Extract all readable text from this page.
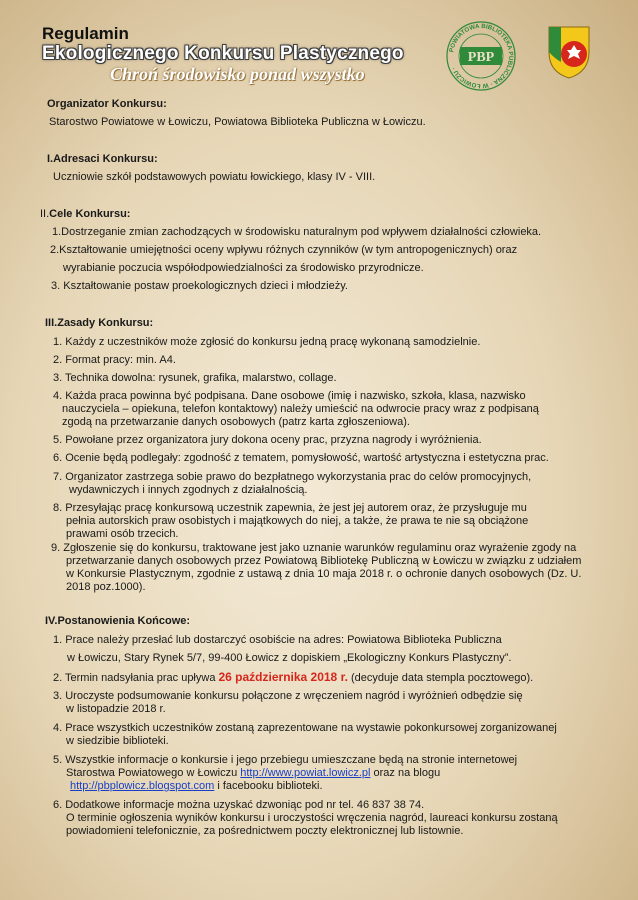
Regulamin
Ekologicznego Konkursu Plastycznego
Chroń środowisko ponad wszystko
POWIATOWA BIBLIOTEKA PUBLICZNA · W ŁOWICZU ·
PBP
Organizator Konkursu:
Starostwo Powiatowe w Łowiczu, Powiatowa Biblioteka Publiczna w Łowiczu.
I.Adresaci Konkursu:
Uczniowie szkół podstawowych powiatu łowickiego, klasy IV - VIII.
II.Cele Konkursu:
1.Dostrzeganie zmian zachodzących w środowisku naturalnym pod wpływem działalności człowieka.
2.Kształtowanie umiejętności oceny wpływu różnych czynników (w tym antropogenicznych) oraz
wyrabianie poczucia współodpowiedzialności za środowisko przyrodnicze.
3. Kształtowanie postaw proekologicznych dzieci i młodzieży.
III.Zasady Konkursu:
1. Każdy z uczestników może zgłosić do konkursu jedną pracę wykonaną samodzielnie.
2. Format pracy: min. A4.
3. Technika dowolna: rysunek, grafika, malarstwo, collage.
4. Każda praca powinna być podpisana. Dane osobowe (imię i nazwisko, szkoła, klasa, nazwisko
nauczyciela – opiekuna, telefon kontaktowy) należy umieścić na odwrocie pracy wraz z podpisaną
zgodą na przetwarzanie danych osobowych (patrz karta zgłoszeniowa).
5. Powołane przez organizatora jury dokona oceny prac, przyzna nagrody i wyróżnienia.
6. Ocenie będą podlegały: zgodność z tematem, pomysłowość, wartość artystyczna i estetyczna prac.
7. Organizator zastrzega sobie prawo do bezpłatnego wykorzystania prac do celów promocyjnych,
wydawniczych i innych zgodnych z działalnością.
8. Przesyłając pracę konkursową uczestnik zapewnia, że jest jej autorem oraz, że przysługuje mu
pełnia autorskich praw osobistych i majątkowych do niej, a także, że prawa te nie są obciążone
prawami osób trzecich.
9. Zgłoszenie się do konkursu, traktowane jest jako uznanie warunków regulaminu oraz wyrażenie zgody na
przetwarzanie danych osobowych przez Powiatową Bibliotekę Publiczną w Łowiczu w związku z udziałem
w Konkursie Plastycznym, zgodnie z ustawą z dnia 10 maja 2018 r. o ochronie danych osobowych (Dz. U.
2018 poz.1000).
IV.Postanowienia Końcowe:
1. Prace należy przesłać lub dostarczyć osobiście na adres: Powiatowa Biblioteka Publiczna
w Łowiczu, Stary Rynek 5/7, 99-400 Łowicz z dopiskiem „Ekologiczny Konkurs Plastyczny”.
2. Termin nadsyłania prac upływa 26 października 2018 r. (decyduje data stempla pocztowego).
3. Uroczyste podsumowanie konkursu połączone z wręczeniem nagród i wyróżnień odbędzie się
w listopadzie 2018 r.
4. Prace wszystkich uczestników zostaną zaprezentowane na wystawie pokonkursowej zorganizowanej
w siedzibie biblioteki.
5. Wszystkie informacje o konkursie i jego przebiegu umieszczane będą na stronie internetowej
Starostwa Powiatowego w Łowiczu http://www.powiat.lowicz.pl oraz na blogu
http://pbplowicz.blogspot.com i facebooku biblioteki.
6. Dodatkowe informacje można uzyskać dzwoniąc pod nr tel. 46 837 38 74.
O terminie ogłoszenia wyników konkursu i uroczystości wręczenia nagród, laureaci konkursu zostaną
powiadomieni telefonicznie, za pośrednictwem poczty elektronicznej lub listownie.
